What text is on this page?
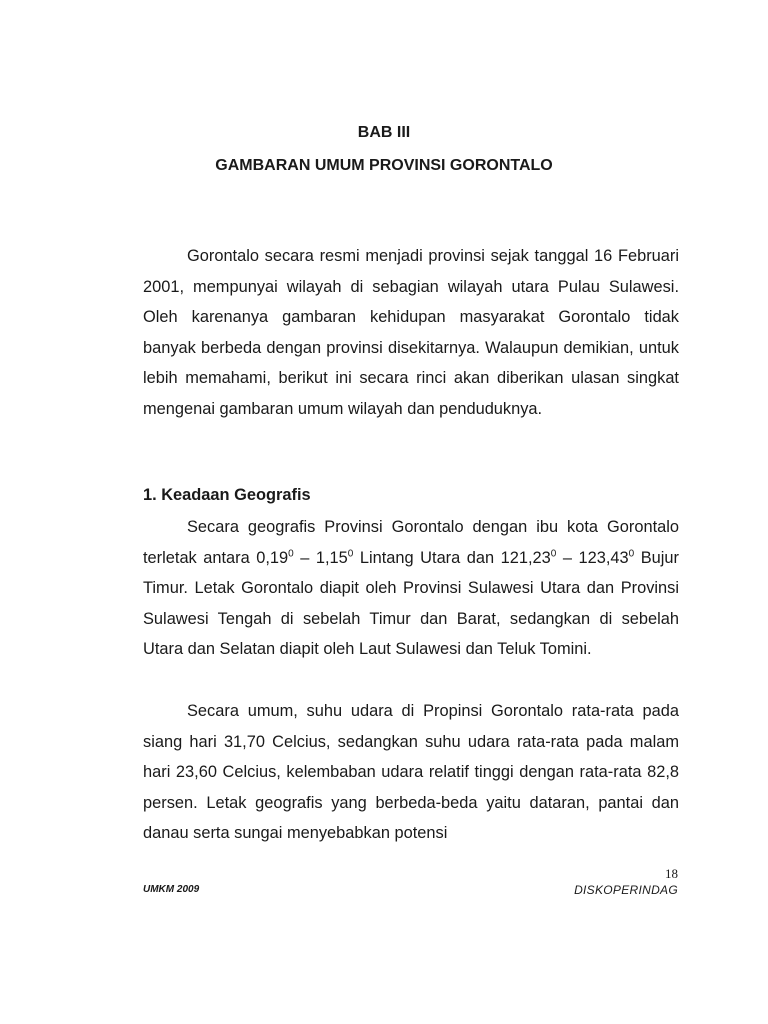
BAB III
GAMBARAN UMUM PROVINSI GORONTALO

Gorontalo secara resmi menjadi provinsi sejak tanggal 16 Februari 2001, mempunyai wilayah di sebagian wilayah utara Pulau Sulawesi. Oleh karenanya gambaran kehidupan masyarakat Gorontalo tidak banyak berbeda dengan provinsi disekitarnya. Walaupun demikian, untuk lebih memahami, berikut ini secara rinci akan diberikan ulasan singkat mengenai gambaran umum wilayah dan penduduknya.

1. Keadaan Geografis

Secara geografis Provinsi Gorontalo dengan ibu kota Gorontalo terletak antara 0,19$^0$ – 1,15$^0$ Lintang Utara dan 121,23$^0$ – 123,43$^0$ Bujur Timur. Letak Gorontalo diapit oleh Provinsi Sulawesi Utara dan Provinsi Sulawesi Tengah di sebelah Timur dan Barat, sedangkan di sebelah Utara dan Selatan diapit oleh Laut Sulawesi dan Teluk Tomini.

Secara umum, suhu udara di Propinsi Gorontalo rata-rata pada siang hari 31,70 Celcius, sedangkan suhu udara rata-rata pada malam hari 23,60 Celcius, kelembaban udara relatif tinggi dengan rata-rata 82,8 persen. Letak geografis yang berbeda-beda yaitu dataran, pantai dan danau serta sungai menyebabkan potensi

18
UMKM 2009	DISKOPERINDAG
